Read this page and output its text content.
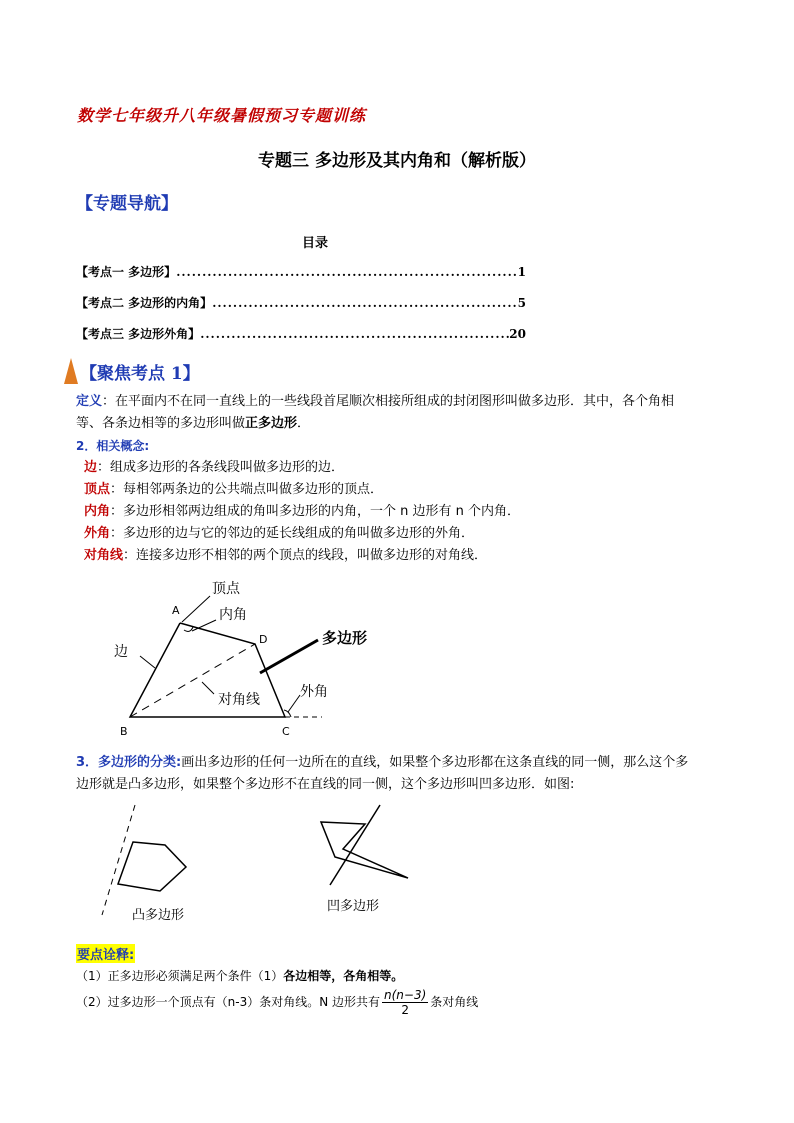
数学七年级升八年级暑假预习专题训练
专题三 多边形及其内角和（解析版）
【专题导航】
目录
【考点一 多边形】 .....	1
【考点二 多边形的内角】 .....	5
【考点三 多边形外角】 .....	20
【聚焦考点 1】
定义：在平面内不在同一直线上的一些线段首尾顺次相接所组成的封闭图形叫做多边形．其中，各个角相
等、各条边相等的多边形叫做正多边形．
2．相关概念:
边：组成多边形的各条线段叫做多边形的边．
顶点：每相邻两条边的公共端点叫做多边形的顶点．
内角：多边形相邻两边组成的角叫多边形的内角，一个 n 边形有 n 个内角．
外角：多边形的边与它的邻边的延长线组成的角叫做多边形的外角．
对角线：连接多边形不相邻的两个顶点的线段，叫做多边形的对角线．
顶点
内角
边
对角线	外角
多边形
A
B	C
D
3．多边形的分类:画出多边形的任何一边所在的直线，如果整个多边形都在这条直线的同一侧，那么这个多
边形就是凸多边形，如果整个多边形不在直线的同一侧，这个多边形叫凹多边形．如图:
凸多边形
凹多边形
要点诠释:
（1）正多边形必须满足两个条件（1）各边相等，各角相等。
（2）过多边形一个顶点有（n-3）条对角线。N 边形共有 $\frac{n(n-3)}{2}$ 条对角线
